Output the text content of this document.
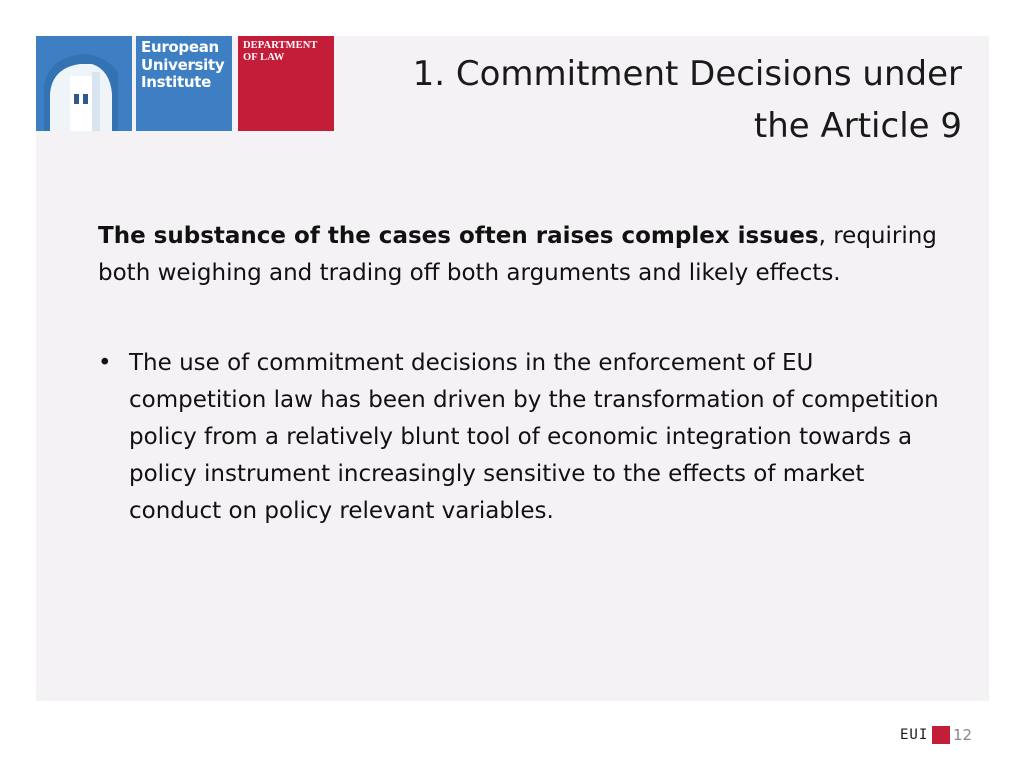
European
University
Institute
DEPARTMENT
OF LAW	1. Commitment Decisions under
the Article 9

The substance of the cases often raises complex issues, requiring both weighing and trading off both arguments and likely effects.

• The use of commitment decisions in the enforcement of EU competition law has been driven by the transformation of competition policy from a relatively blunt tool of economic integration towards a policy instrument increasingly sensitive to the effects of market conduct on policy relevant variables.
EUI 12
